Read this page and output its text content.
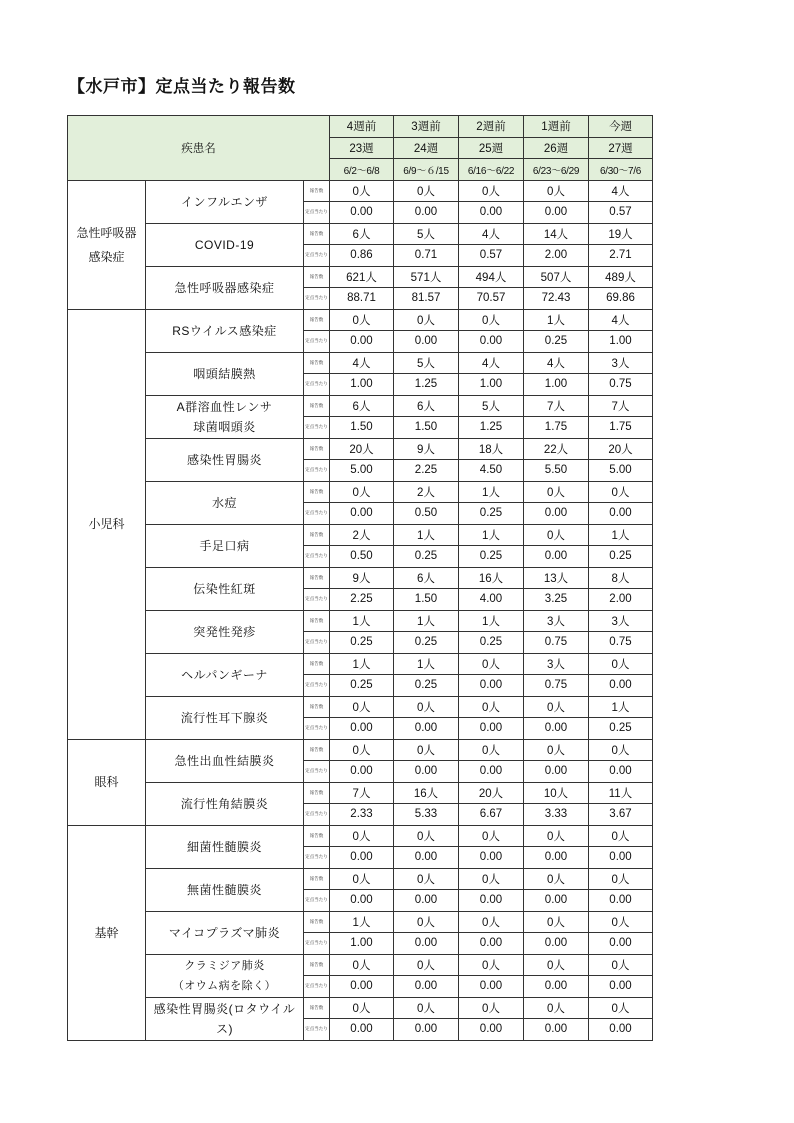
【水戸市】定点当たり報告数
疾患名			4週前	3週前	2週前	1週前	今週
			23週	24週	25週	26週	27週
			6/2～6/8	6/9～６/15	6/16～6/22	6/23～6/29	6/30～7/6
急性呼吸器
感染症	インフルエンザ	報告数	0人	0人	0人	0人	4人
		定点当たり	0.00	0.00	0.00	0.00	0.57
	COVID-19	報告数	6人	5人	4人	14人	19人
		定点当たり	0.86	0.71	0.57	2.00	2.71
	急性呼吸器感染症	報告数	621人	571人	494人	507人	489人
		定点当たり	88.71	81.57	70.57	72.43	69.86
小児科	RSウイルス感染症	報告数	0人	0人	0人	1人	4人
		定点当たり	0.00	0.00	0.00	0.25	1.00
	咽頭結膜熱	報告数	4人	5人	4人	4人	3人
		定点当たり	1.00	1.25	1.00	1.00	0.75
	A群溶血性レンサ
球菌咽頭炎	報告数	6人	6人	5人	7人	7人
		定点当たり	1.50	1.50	1.25	1.75	1.75
	感染性胃腸炎	報告数	20人	9人	18人	22人	20人
		定点当たり	5.00	2.25	4.50	5.50	5.00
	水痘	報告数	0人	2人	1人	0人	0人
		定点当たり	0.00	0.50	0.25	0.00	0.00
	手足口病	報告数	2人	1人	1人	0人	1人
		定点当たり	0.50	0.25	0.25	0.00	0.25
	伝染性紅斑	報告数	9人	6人	16人	13人	8人
		定点当たり	2.25	1.50	4.00	3.25	2.00
	突発性発疹	報告数	1人	1人	1人	3人	3人
		定点当たり	0.25	0.25	0.25	0.75	0.75
	ヘルパンギーナ	報告数	1人	1人	0人	3人	0人
		定点当たり	0.25	0.25	0.00	0.75	0.00
	流行性耳下腺炎	報告数	0人	0人	0人	0人	1人
		定点当たり	0.00	0.00	0.00	0.00	0.25
眼科	急性出血性結膜炎	報告数	0人	0人	0人	0人	0人
		定点当たり	0.00	0.00	0.00	0.00	0.00
	流行性角結膜炎	報告数	7人	16人	20人	10人	11人
		定点当たり	2.33	5.33	6.67	3.33	3.67
基幹	細菌性髄膜炎	報告数	0人	0人	0人	0人	0人
		定点当たり	0.00	0.00	0.00	0.00	0.00
	無菌性髄膜炎	報告数	0人	0人	0人	0人	0人
		定点当たり	0.00	0.00	0.00	0.00	0.00
	マイコプラズマ肺炎	報告数	1人	0人	0人	0人	0人
		定点当たり	1.00	0.00	0.00	0.00	0.00
	クラミジア肺炎
（オウム病を除く）	報告数	0人	0人	0人	0人	0人
		定点当たり	0.00	0.00	0.00	0.00	0.00
	感染性胃腸炎(ロタウイルス)	報告数	0人	0人	0人	0人	0人
		定点当たり	0.00	0.00	0.00	0.00	0.00
